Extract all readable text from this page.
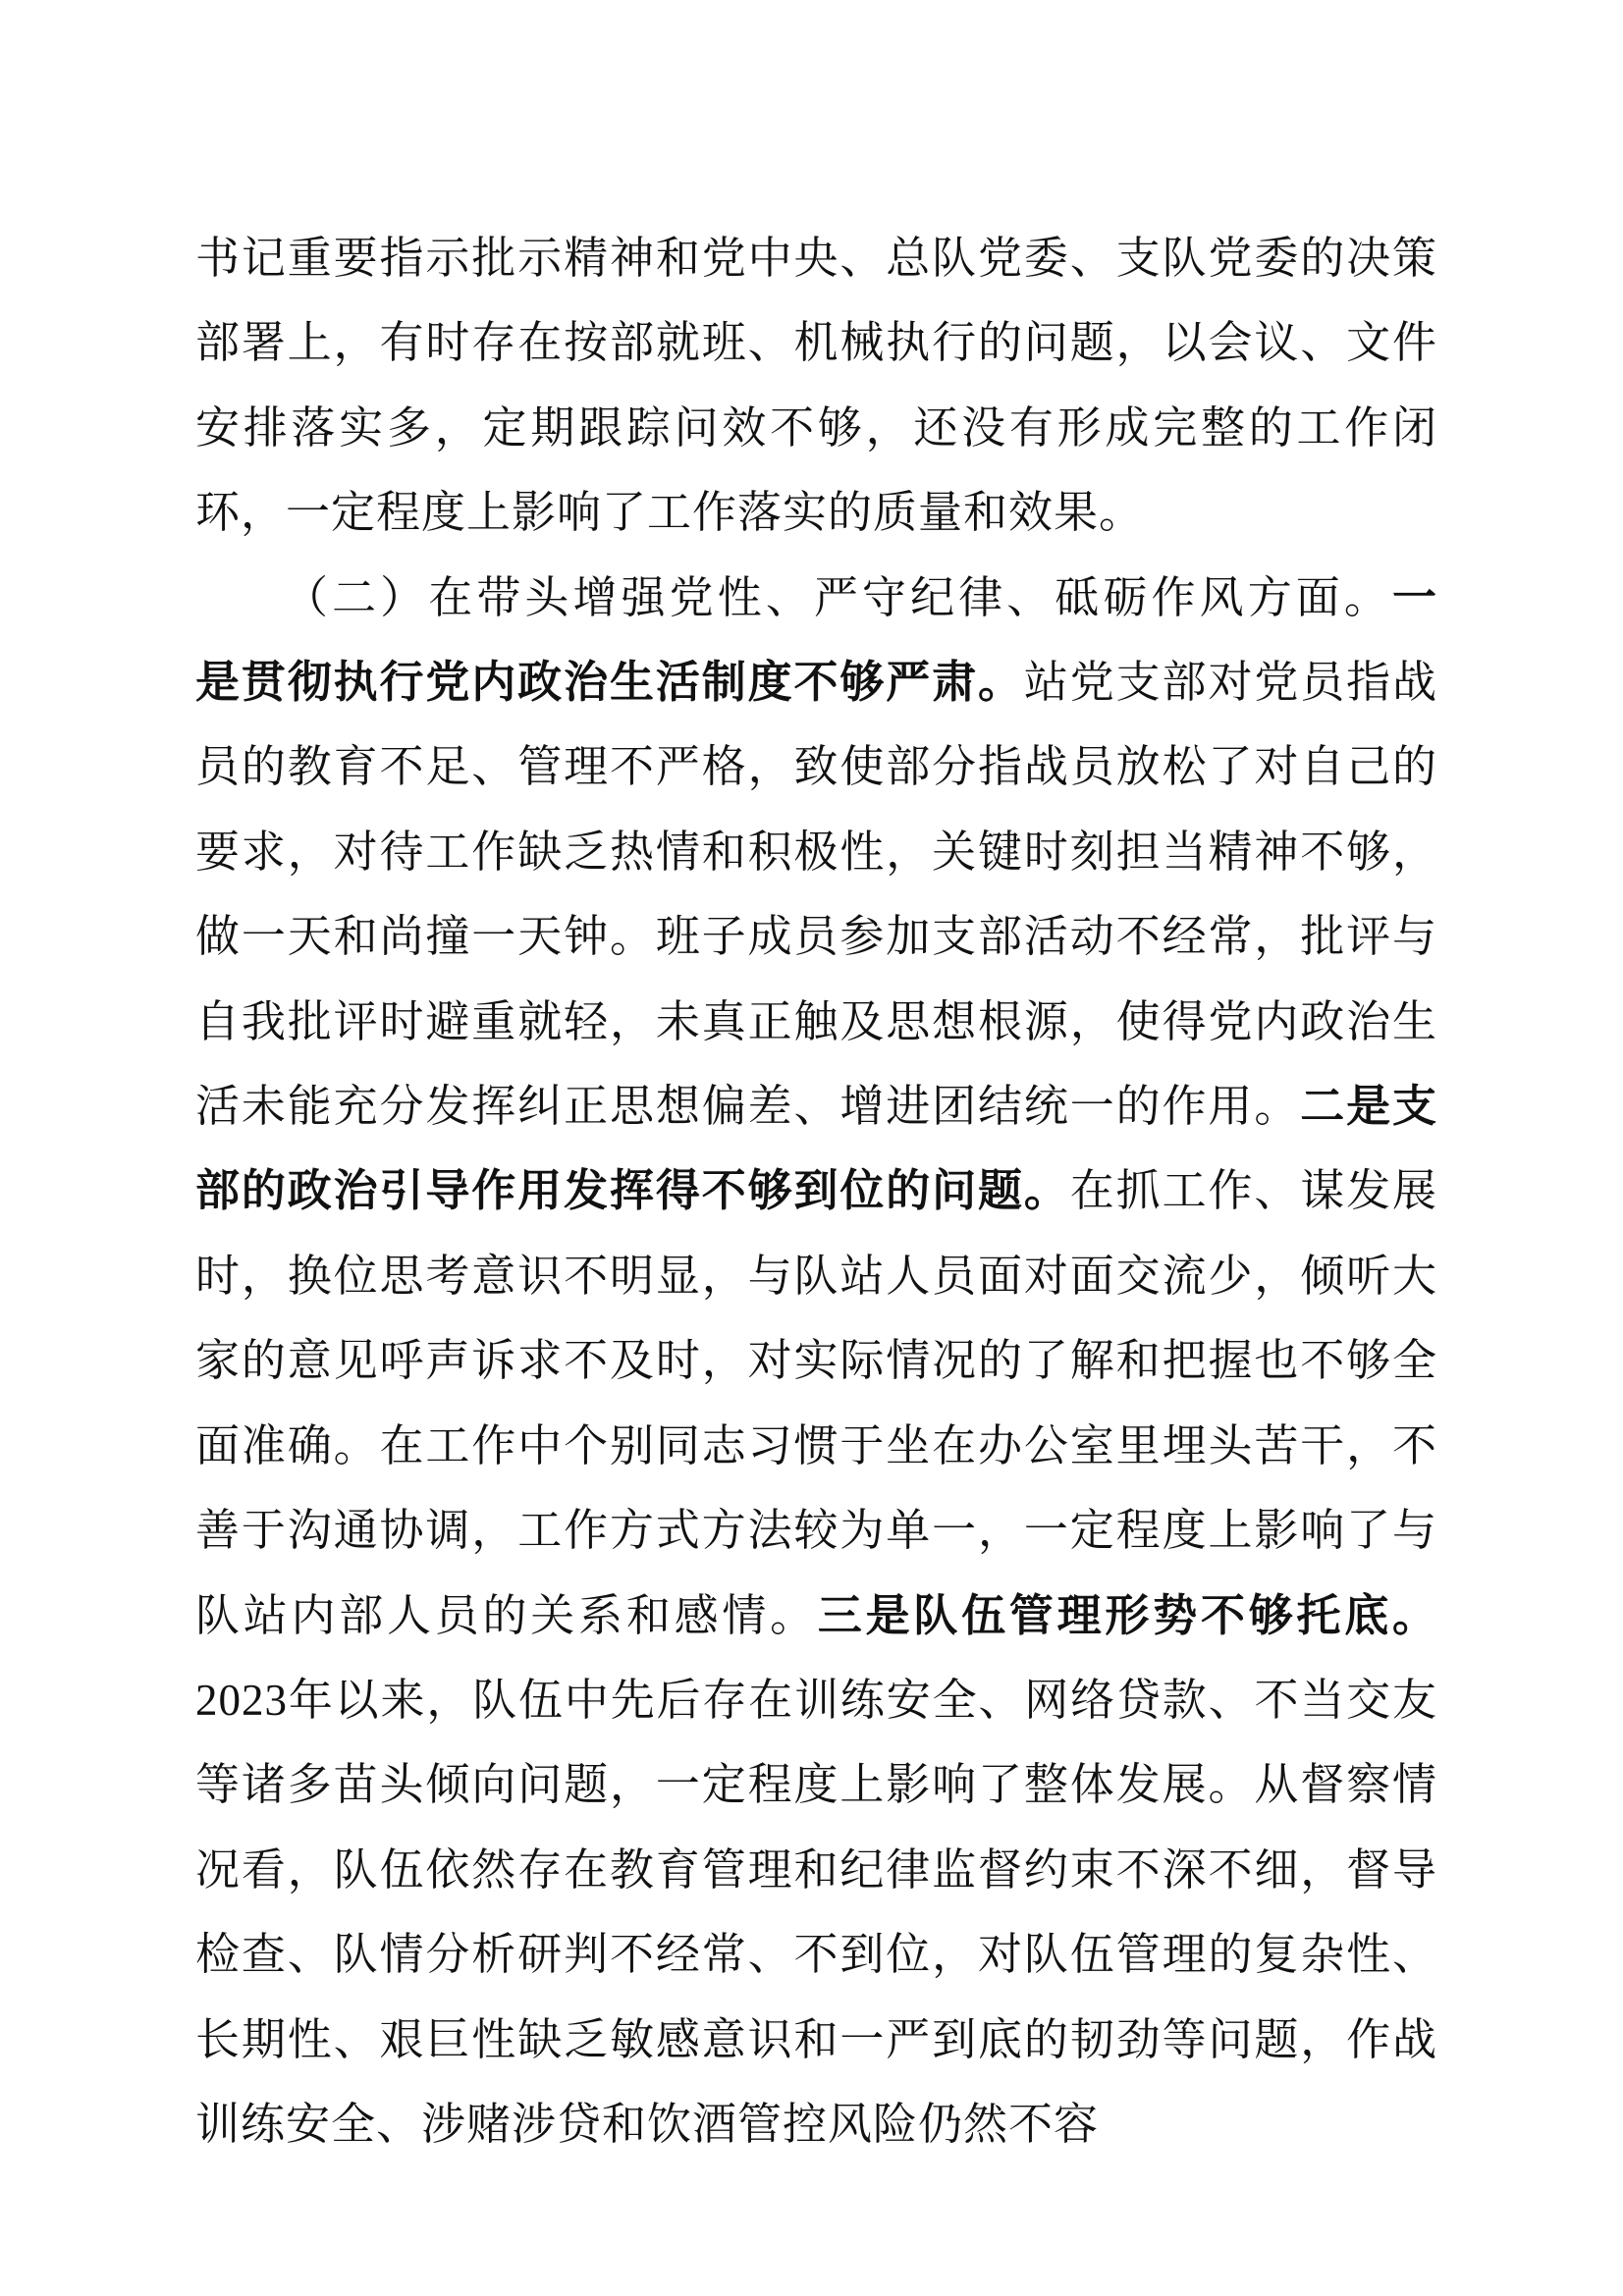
书记重要指示批示精神和党中央、总队党委、支队党委的决策部署上，有时存在按部就班、机械执行的问题，以会议、文件安排落实多，定期跟踪问效不够，还没有形成完整的工作闭环，一定程度上影响了工作落实的质量和效果。

（二）在带头增强党性、严守纪律、砥砺作风方面。一是贯彻执行党内政治生活制度不够严肃。站党支部对党员指战员的教育不足、管理不严格，致使部分指战员放松了对自己的要求，对待工作缺乏热情和积极性，关键时刻担当精神不够，做一天和尚撞一天钟。班子成员参加支部活动不经常，批评与自我批评时避重就轻，未真正触及思想根源，使得党内政治生活未能充分发挥纠正思想偏差、增进团结统一的作用。二是支部的政治引导作用发挥得不够到位的问题。在抓工作、谋发展时，换位思考意识不明显，与队站人员面对面交流少，倾听大家的意见呼声诉求不及时，对实际情况的了解和把握也不够全面准确。在工作中个别同志习惯于坐在办公室里埋头苦干，不善于沟通协调，工作方式方法较为单一，一定程度上影响了与队站内部人员的关系和感情。三是队伍管理形势不够托底。2023年以来，队伍中先后存在训练安全、网络贷款、不当交友等诸多苗头倾向问题，一定程度上影响了整体发展。从督察情况看，队伍依然存在教育管理和纪律监督约束不深不细，督导检查、队情分析研判不经常、不到位，对队伍管理的复杂性、长期性、艰巨性缺乏敏感意识和一严到底的韧劲等问题，作战训练安全、涉赌涉贷和饮酒管控风险仍然不容
